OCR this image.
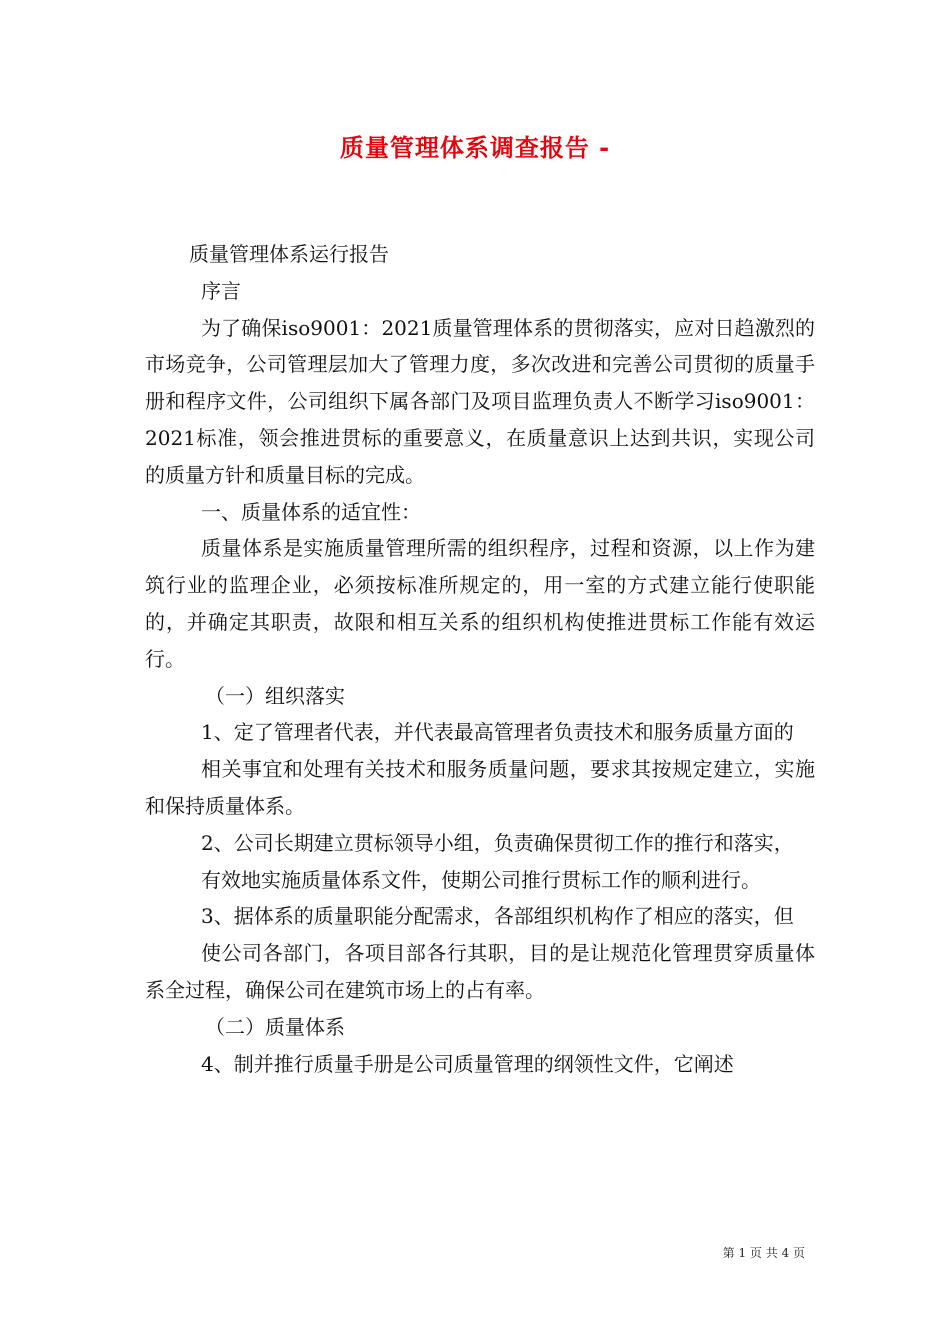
质量管理体系调查报告 -

质量管理体系运行报告

序言

为了确保iso9001：2021质量管理体系的贯彻落实，应对日趋激烈的市场竞争，公司管理层加大了管理力度，多次改进和完善公司贯彻的质量手册和程序文件，公司组织下属各部门及项目监理负责人不断学习iso9001：2021标准，领会推进贯标的重要意义，在质量意识上达到共识，实现公司的质量方针和质量目标的完成。

一、质量体系的适宜性：

质量体系是实施质量管理所需的组织程序，过程和资源，以上作为建筑行业的监理企业，必须按标准所规定的，用一室的方式建立能行使职能的，并确定其职责，故限和相互关系的组织机构使推进贯标工作能有效运行。

（一）组织落实

1、定了管理者代表，并代表最高管理者负责技术和服务质量方面的

相关事宜和处理有关技术和服务质量问题，要求其按规定建立，实施和保持质量体系。

2、公司长期建立贯标领导小组，负责确保贯彻工作的推行和落实，

有效地实施质量体系文件，使期公司推行贯标工作的顺利进行。

3、据体系的质量职能分配需求，各部组织机构作了相应的落实，但

使公司各部门，各项目部各行其职，目的是让规范化管理贯穿质量体系全过程，确保公司在建筑市场上的占有率。

（二）质量体系

4、制并推行质量手册是公司质量管理的纲领性文件，它阐述

第 1 页 共 4 页
